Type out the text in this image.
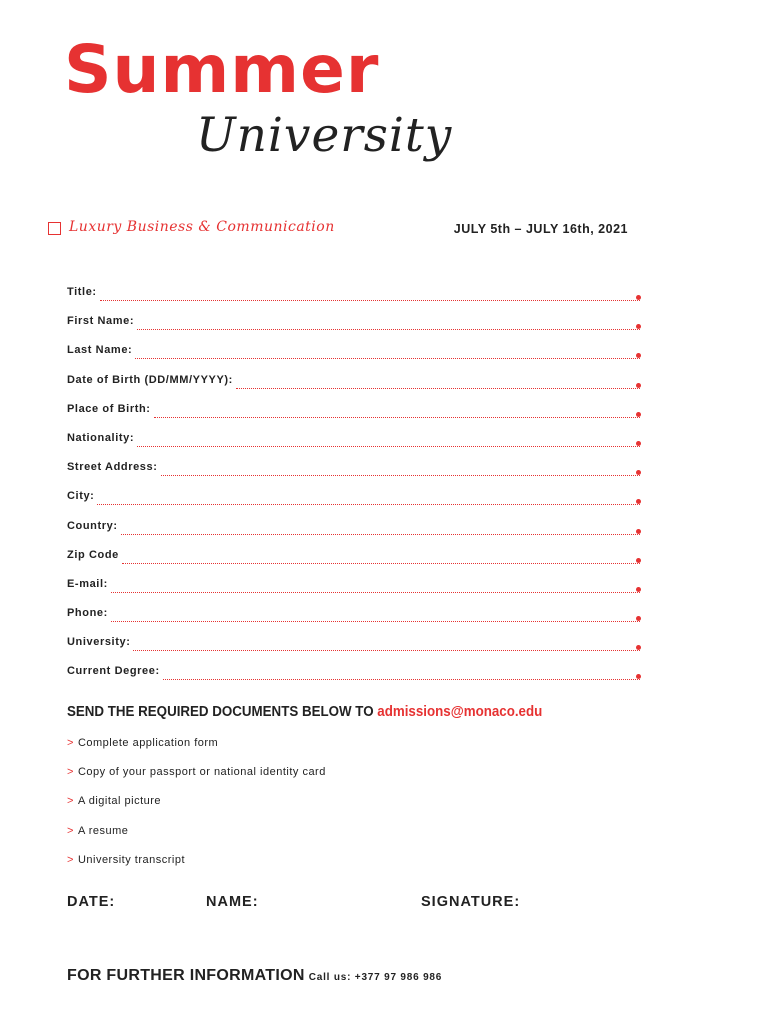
Summer
University
Luxury Business & Communication	JULY 5th – JULY 16th, 2021
Title:
First Name:
Last Name:
Date of Birth (DD/MM/YYYY):
Place of Birth:
Nationality:
Street Address:
City:
Country:
Zip Code
E-mail:
Phone:
University:
Current Degree:
SEND THE REQUIRED DOCUMENTS BELOW TO admissions@monaco.edu
> Complete application form
> Copy of your passport or national identity card
> A digital picture
> A resume
> University transcript
DATE:	NAME:	SIGNATURE:
FOR FURTHER INFORMATION Call us: +377 97 986 986
